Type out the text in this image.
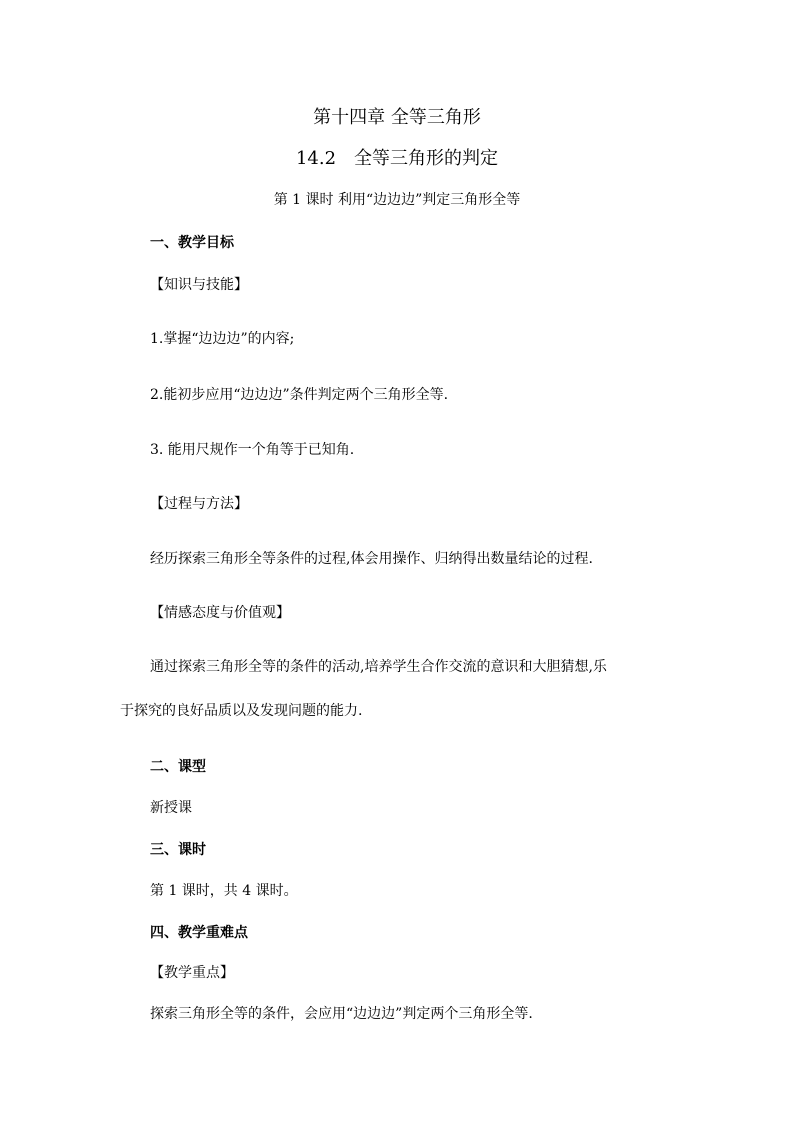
第十四章 全等三角形

14.2　全等三角形的判定

第 1 课时 利用“边边边”判定三角形全等

一、教学目标

【知识与技能】

1.掌握“边边边”的内容;

2.能初步应用“边边边”条件判定两个三角形全等.

3. 能用尺规作一个角等于已知角.

【过程与方法】

经历探索三角形全等条件的过程,体会用操作、归纳得出数量结论的过程.

【情感态度与价值观】

通过探索三角形全等的条件的活动,培养学生合作交流的意识和大胆猜想,乐

于探究的良好品质以及发现问题的能力.

二、课型

新授课

三、课时

第 1 课时，共 4 课时。

四、教学重难点

【教学重点】

探索三角形全等的条件，会应用“边边边”判定两个三角形全等.
